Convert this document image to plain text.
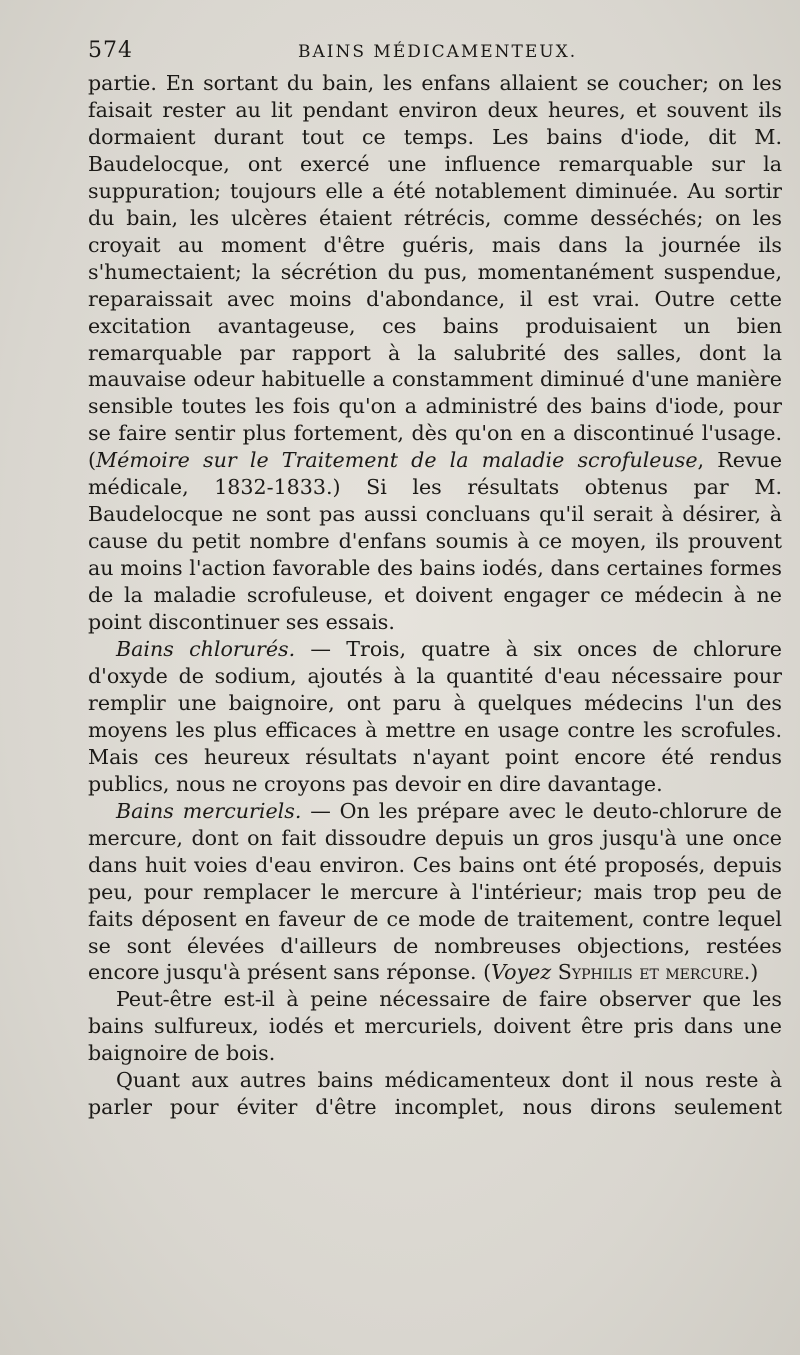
574	BAINS MÉDICAMENTEUX.

partie. En sortant du bain, les enfans allaient se coucher; on les faisait rester au lit pendant environ deux heures, et souvent ils dormaient durant tout ce temps. Les bains d'iode, dit M. Baudelocque, ont exercé une influence remarquable sur la suppuration; toujours elle a été notablement diminuée. Au sortir du bain, les ulcères étaient rétrécis, comme desséchés; on les croyait au moment d'être guéris, mais dans la journée ils s'humectaient; la sécrétion du pus, momentanément suspendue, reparaissait avec moins d'abondance, il est vrai. Outre cette excitation avantageuse, ces bains produisaient un bien remarquable par rapport à la salubrité des salles, dont la mauvaise odeur habituelle a constamment diminué d'une manière sensible toutes les fois qu'on a administré des bains d'iode, pour se faire sentir plus fortement, dès qu'on en a discontinué l'usage. (Mémoire sur le Traitement de la maladie scrofuleuse, Revue médicale, 1832-1833.) Si les résultats obtenus par M. Baudelocque ne sont pas aussi concluans qu'il serait à désirer, à cause du petit nombre d'enfans soumis à ce moyen, ils prouvent au moins l'action favorable des bains iodés, dans certaines formes de la maladie scrofuleuse, et doivent engager ce médecin à ne point discontinuer ses essais.

Bains chlorurés. — Trois, quatre à six onces de chlorure d'oxyde de sodium, ajoutés à la quantité d'eau nécessaire pour remplir une baignoire, ont paru à quelques médecins l'un des moyens les plus efficaces à mettre en usage contre les scrofules. Mais ces heureux résultats n'ayant point encore été rendus publics, nous ne croyons pas devoir en dire davantage.

Bains mercuriels. — On les prépare avec le deuto-chlorure de mercure, dont on fait dissoudre depuis un gros jusqu'à une once dans huit voies d'eau environ. Ces bains ont été proposés, depuis peu, pour remplacer le mercure à l'intérieur; mais trop peu de faits déposent en faveur de ce mode de traitement, contre lequel se sont élevées d'ailleurs de nombreuses objections, restées encore jusqu'à présent sans réponse. (Voyez Syphilis et mercure.)

Peut-être est-il à peine nécessaire de faire observer que les bains sulfureux, iodés et mercuriels, doivent être pris dans une baignoire de bois.

Quant aux autres bains médicamenteux dont il nous reste à parler pour éviter d'être incomplet, nous dirons seulement
